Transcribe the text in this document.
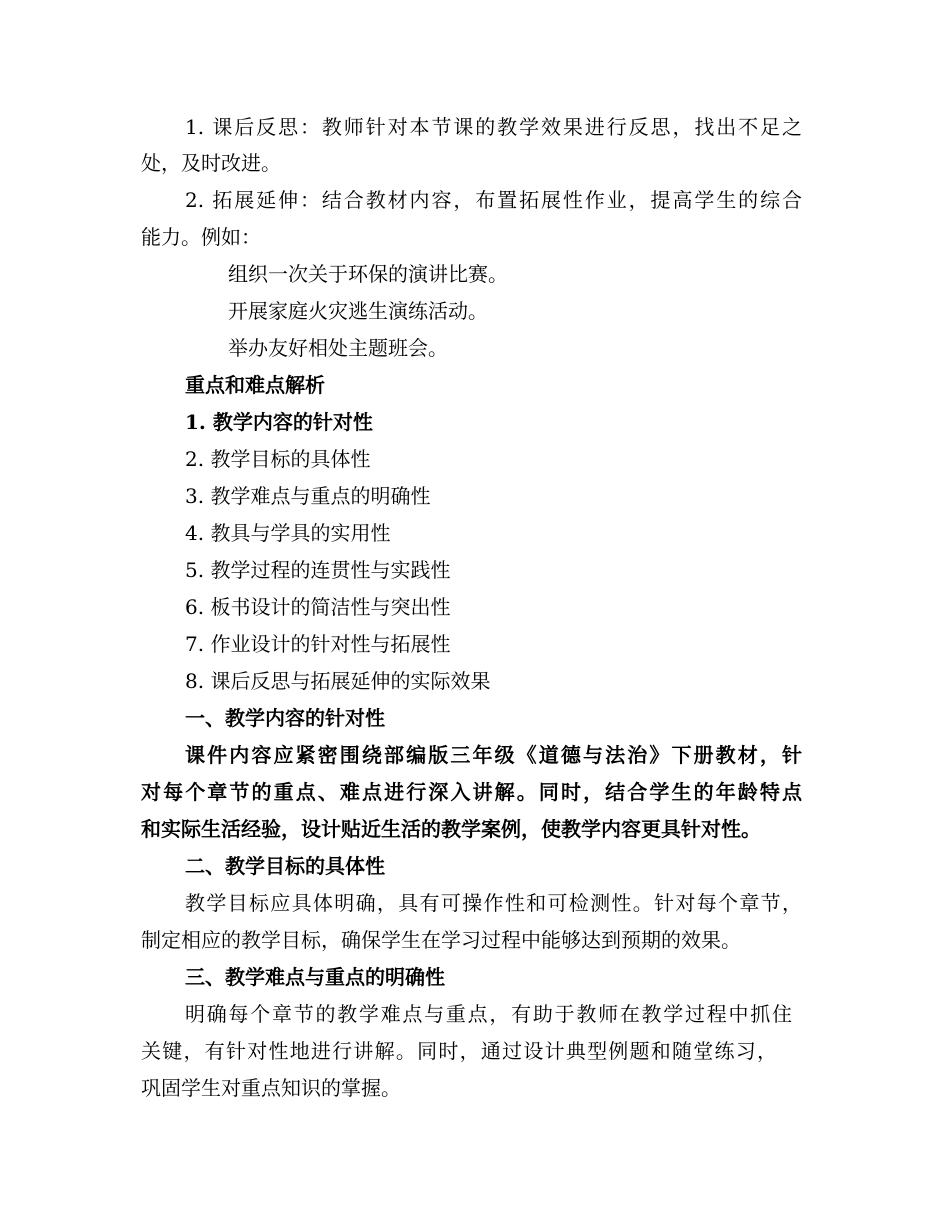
1. 课后反思：教师针对本节课的教学效果进行反思，找出不足之
处，及时改进。
2. 拓展延伸：结合教材内容，布置拓展性作业，提高学生的综合
能力。例如：
组织一次关于环保的演讲比赛。
开展家庭火灾逃生演练活动。
举办友好相处主题班会。
重点和难点解析
1. 教学内容的针对性
2. 教学目标的具体性
3. 教学难点与重点的明确性
4. 教具与学具的实用性
5. 教学过程的连贯性与实践性
6. 板书设计的简洁性与突出性
7. 作业设计的针对性与拓展性
8. 课后反思与拓展延伸的实际效果
一、教学内容的针对性
课件内容应紧密围绕部编版三年级《道德与法治》下册教材，针
对每个章节的重点、难点进行深入讲解。同时，结合学生的年龄特点
和实际生活经验，设计贴近生活的教学案例，使教学内容更具针对性。
二、教学目标的具体性
教学目标应具体明确，具有可操作性和可检测性。针对每个章节，
制定相应的教学目标，确保学生在学习过程中能够达到预期的效果。
三、教学难点与重点的明确性
明确每个章节的教学难点与重点，有助于教师在教学过程中抓住
关键，有针对性地进行讲解。同时，通过设计典型例题和随堂练习，
巩固学生对重点知识的掌握。
